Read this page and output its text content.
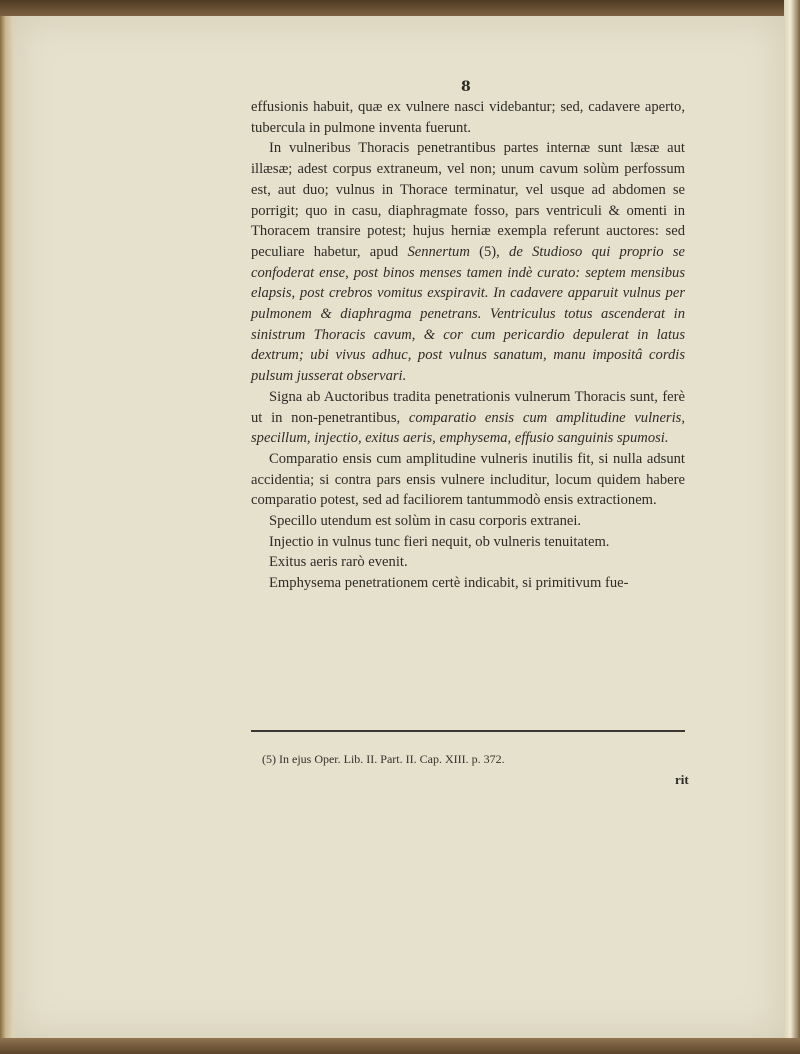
8

effusionis habuit, quæ ex vulnere nasci videbantur; sed, cadavere aperto, tubercula in pulmone inventa fuerunt.

In vulneribus Thoracis penetrantibus partes internæ sunt læsæ aut illæsæ; adest corpus extraneum, vel non; unum cavum solùm perfossum est, aut duo; vulnus in Thorace terminatur, vel usque ad abdomen se porrigit; quo in casu, diaphragmate fosso, pars ventriculi & omenti in Thoracem transire potest; hujus herniæ exempla referunt auctores: sed peculiare habetur, apud Sennertum (5), de Studioso qui proprio se confoderat ense, post binos menses tamen indè curato: septem mensibus elapsis, post crebros vomitus exspiravit. In cadavere apparuit vulnus per pulmonem & diaphragma penetrans. Ventriculus totus ascenderat in sinistrum Thoracis cavum, & cor cum pericardio depulerat in latus dextrum; ubi vivus adhuc, post vulnus sanatum, manu impositâ cordis pulsum jusserat observari.

Signa ab Auctoribus tradita penetrationis vulnerum Thoracis sunt, ferè ut in non-penetrantibus, comparatio ensis cum amplitudine vulneris, specillum, injectio, exitus aeris, emphysema, effusio sanguinis spumosi.

Comparatio ensis cum amplitudine vulneris inutilis fit, si nulla adsunt accidentia; si contra pars ensis vulnere includitur, locum quidem habere comparatio potest, sed ad faciliorem tantummodò ensis extractionem.

Specillo utendum est solùm in casu corporis extranei.

Injectio in vulnus tunc fieri nequit, ob vulneris tenuitatem.

Exitus aeris rarò evenit.

Emphysema penetrationem certè indicabit, si primitivum fue-

(5) In ejus Oper. Lib. II. Part. II. Cap. XIII. p. 372.
rit
